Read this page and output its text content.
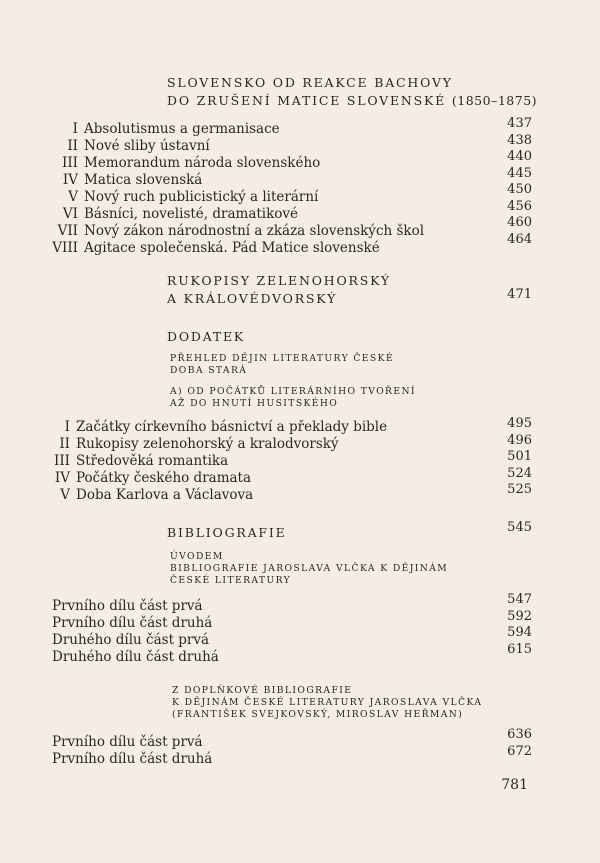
SLOVENSKO OD REAKCE BACHOVY
DO ZRUŠENÍ MATICE SLOVENSKÉ (1850–1875)
437
438
440
445
450
456
460
464
I Absolutismus a germanisace
II Nové sliby ústavní
III Memorandum národa slovenského
IV Matica slovenská
V Nový ruch publicistický a literární
VI Básníci, novelisté, dramatikové
VII Nový zákon národnostní a zkáza slovenských škol
VIII Agitace společenská. Pád Matice slovenské
RUKOPISY ZELENOHORSKÝ
A KRÁLOVÉDVORSKÝ	471
DODATEK
PŘEHLED DĚJIN LITERATURY ČESKÉ
DOBA STARÁ
A) OD POČÁTKŮ LITERÁRNÍHO TVOŘENÍ
AŽ DO HNUTÍ HUSITSKÉHO
495
496
501
524
525
I Začátky církevního básnictví a překlady bible
II Rukopisy zelenohorský a kralodvorský
III Středověká romantika
IV Počátky českého dramata
V Doba Karlova a Václavova
BIBLIOGRAFIE	545
ÚVODEM
BIBLIOGRAFIE JAROSLAVA VLČKA K DĚJINÁM
ČESKÉ LITERATURY
547
592
594
615
Prvního dílu část prvá
Prvního dílu část druhá
Druhého dílu část prvá
Druhého dílu část druhá
Z DOPLŇKOVÉ BIBLIOGRAFIE
K DĚJINÁM ČESKÉ LITERATURY JAROSLAVA VLČKA
(FRANTIŠEK SVEJKOVSKÝ, MIROSLAV HEŘMAN)
636
672
Prvního dílu část prvá
Prvního dílu část druhá
781
